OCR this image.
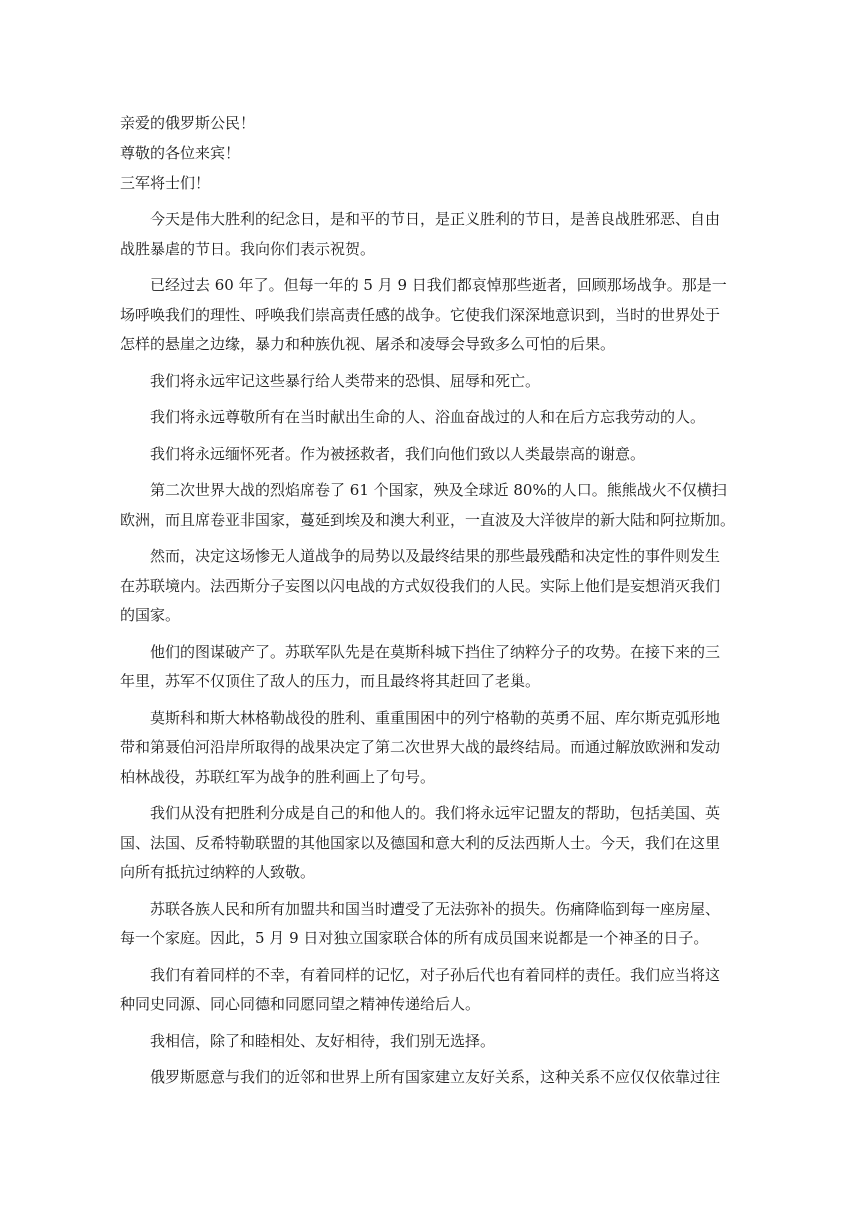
亲爱的俄罗斯公民！

尊敬的各位来宾！

三军将士们！

今天是伟大胜利的纪念日，是和平的节日，是正义胜利的节日，是善良战胜邪恶、自由
战胜暴虐的节日。我向你们表示祝贺。

已经过去 60 年了。但每一年的 5 月 9 日我们都哀悼那些逝者，回顾那场战争。那是一
场呼唤我们的理性、呼唤我们崇高责任感的战争。它使我们深深地意识到，当时的世界处于
怎样的悬崖之边缘，暴力和种族仇视、屠杀和凌辱会导致多么可怕的后果。

我们将永远牢记这些暴行给人类带来的恐惧、屈辱和死亡。

我们将永远尊敬所有在当时献出生命的人、浴血奋战过的人和在后方忘我劳动的人。

我们将永远缅怀死者。作为被拯救者，我们向他们致以人类最崇高的谢意。

第二次世界大战的烈焰席卷了 61 个国家，殃及全球近 80%的人口。熊熊战火不仅横扫
欧洲，而且席卷亚非国家，蔓延到埃及和澳大利亚，一直波及大洋彼岸的新大陆和阿拉斯加。

然而，决定这场惨无人道战争的局势以及最终结果的那些最残酷和决定性的事件则发生
在苏联境内。法西斯分子妄图以闪电战的方式奴役我们的人民。实际上他们是妄想消灭我们
的国家。

他们的图谋破产了。苏联军队先是在莫斯科城下挡住了纳粹分子的攻势。在接下来的三
年里，苏军不仅顶住了敌人的压力，而且最终将其赶回了老巢。

莫斯科和斯大林格勒战役的胜利、重重围困中的列宁格勒的英勇不屈、库尔斯克弧形地
带和第聂伯河沿岸所取得的战果决定了第二次世界大战的最终结局。而通过解放欧洲和发动
柏林战役，苏联红军为战争的胜利画上了句号。

我们从没有把胜利分成是自己的和他人的。我们将永远牢记盟友的帮助，包括美国、英
国、法国、反希特勒联盟的其他国家以及德国和意大利的反法西斯人士。今天，我们在这里
向所有抵抗过纳粹的人致敬。

苏联各族人民和所有加盟共和国当时遭受了无法弥补的损失。伤痛降临到每一座房屋、
每一个家庭。因此，5 月 9 日对独立国家联合体的所有成员国来说都是一个神圣的日子。

我们有着同样的不幸，有着同样的记忆，对子孙后代也有着同样的责任。我们应当将这
种同史同源、同心同德和同愿同望之精神传递给后人。

我相信，除了和睦相处、友好相待，我们别无选择。

俄罗斯愿意与我们的近邻和世界上所有国家建立友好关系，这种关系不应仅仅依靠过往
